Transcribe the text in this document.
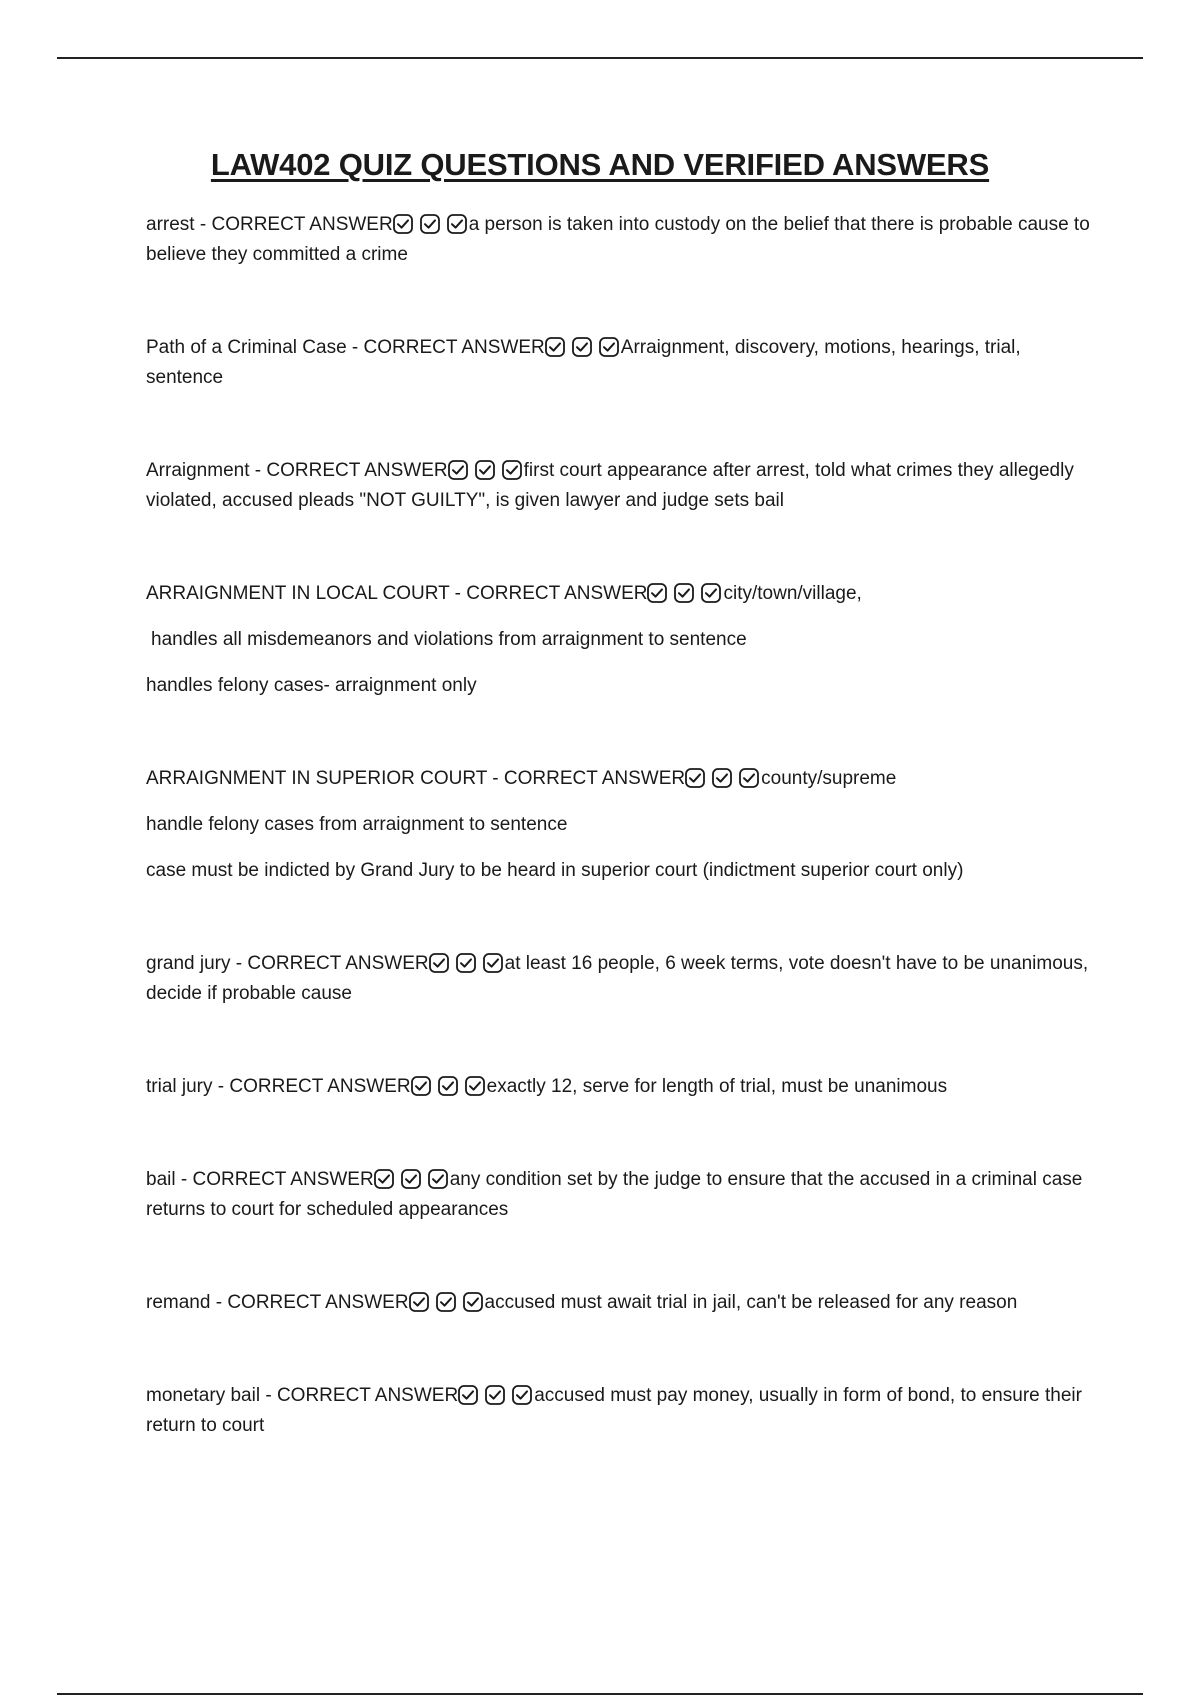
LAW402 QUIZ QUESTIONS AND VERIFIED ANSWERS
arrest - CORRECT ANSWER	a person is taken into custody on the belief that there is probable cause to believe they committed a crime
Path of a Criminal Case - CORRECT ANSWER	Arraignment, discovery, motions, hearings, trial, sentence
Arraignment - CORRECT ANSWER	first court appearance after arrest, told what crimes they allegedly violated, accused pleads "NOT GUILTY", is given lawyer and judge sets bail
ARRAIGNMENT IN LOCAL COURT - CORRECT ANSWER	city/town/village,
handles all misdemeanors and violations from arraignment to sentence
handles felony cases- arraignment only
ARRAIGNMENT IN SUPERIOR COURT - CORRECT ANSWER	county/supreme
handle felony cases from arraignment to sentence
case must be indicted by Grand Jury to be heard in superior court (indictment superior court only)
grand jury - CORRECT ANSWER	at least 16 people, 6 week terms, vote doesn't have to be unanimous, decide if probable cause
trial jury - CORRECT ANSWER	exactly 12, serve for length of trial, must be unanimous
bail - CORRECT ANSWER	any condition set by the judge to ensure that the accused in a criminal case returns to court for scheduled appearances
remand - CORRECT ANSWER	accused must await trial in jail, can't be released for any reason
monetary bail - CORRECT ANSWER	accused must pay money, usually in form of bond, to ensure their return to court
